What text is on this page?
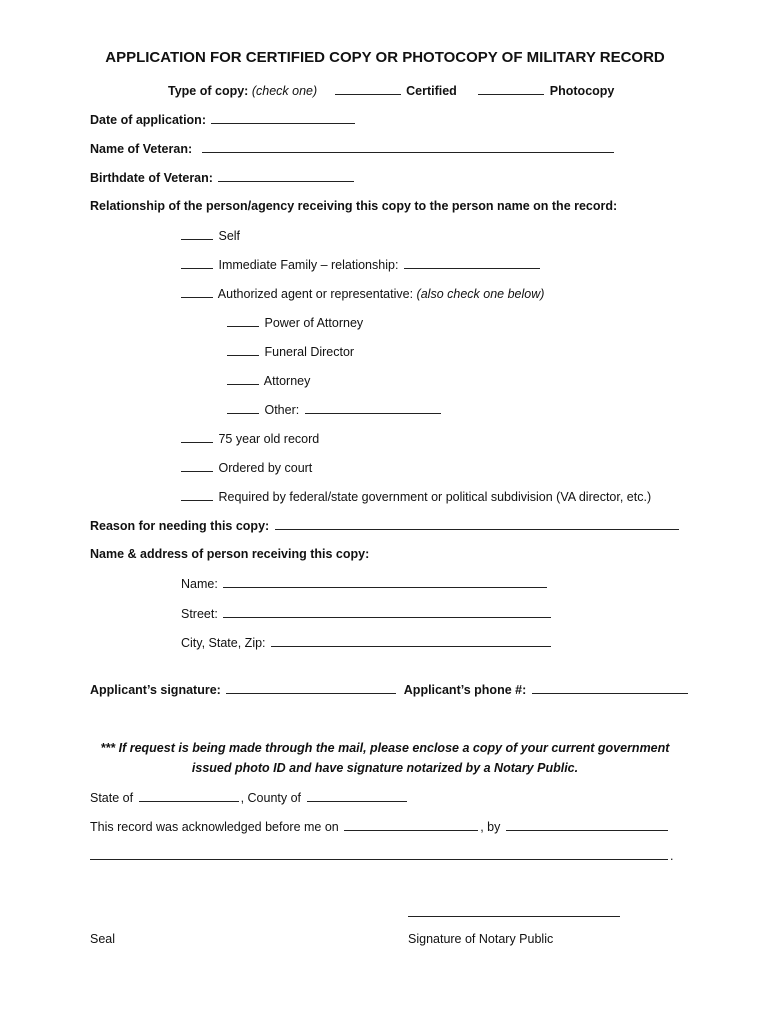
APPLICATION FOR CERTIFIED COPY OR PHOTOCOPY OF MILITARY RECORD
Type of copy: (check one)	Certified	Photocopy
Date of application:
Name of Veteran:
Birthdate of Veteran:
Relationship of the person/agency receiving this copy to the person name on the record:
Self
Immediate Family – relationship:
Authorized agent or representative: (also check one below)
Power of Attorney
Funeral Director
Attorney
Other:
75 year old record
Ordered by court
Required by federal/state government or political subdivision (VA director, etc.)
Reason for needing this copy:
Name & address of person receiving this copy:
Name:
Street:
City, State, Zip:
Applicant’s signature:	Applicant’s phone #:
*** If request is being made through the mail, please enclose a copy of your current government
issued photo ID and have signature notarized by a Notary Public.
State of	, County of
This record was acknowledged before me on	, by
.
Seal	Signature of Notary Public
